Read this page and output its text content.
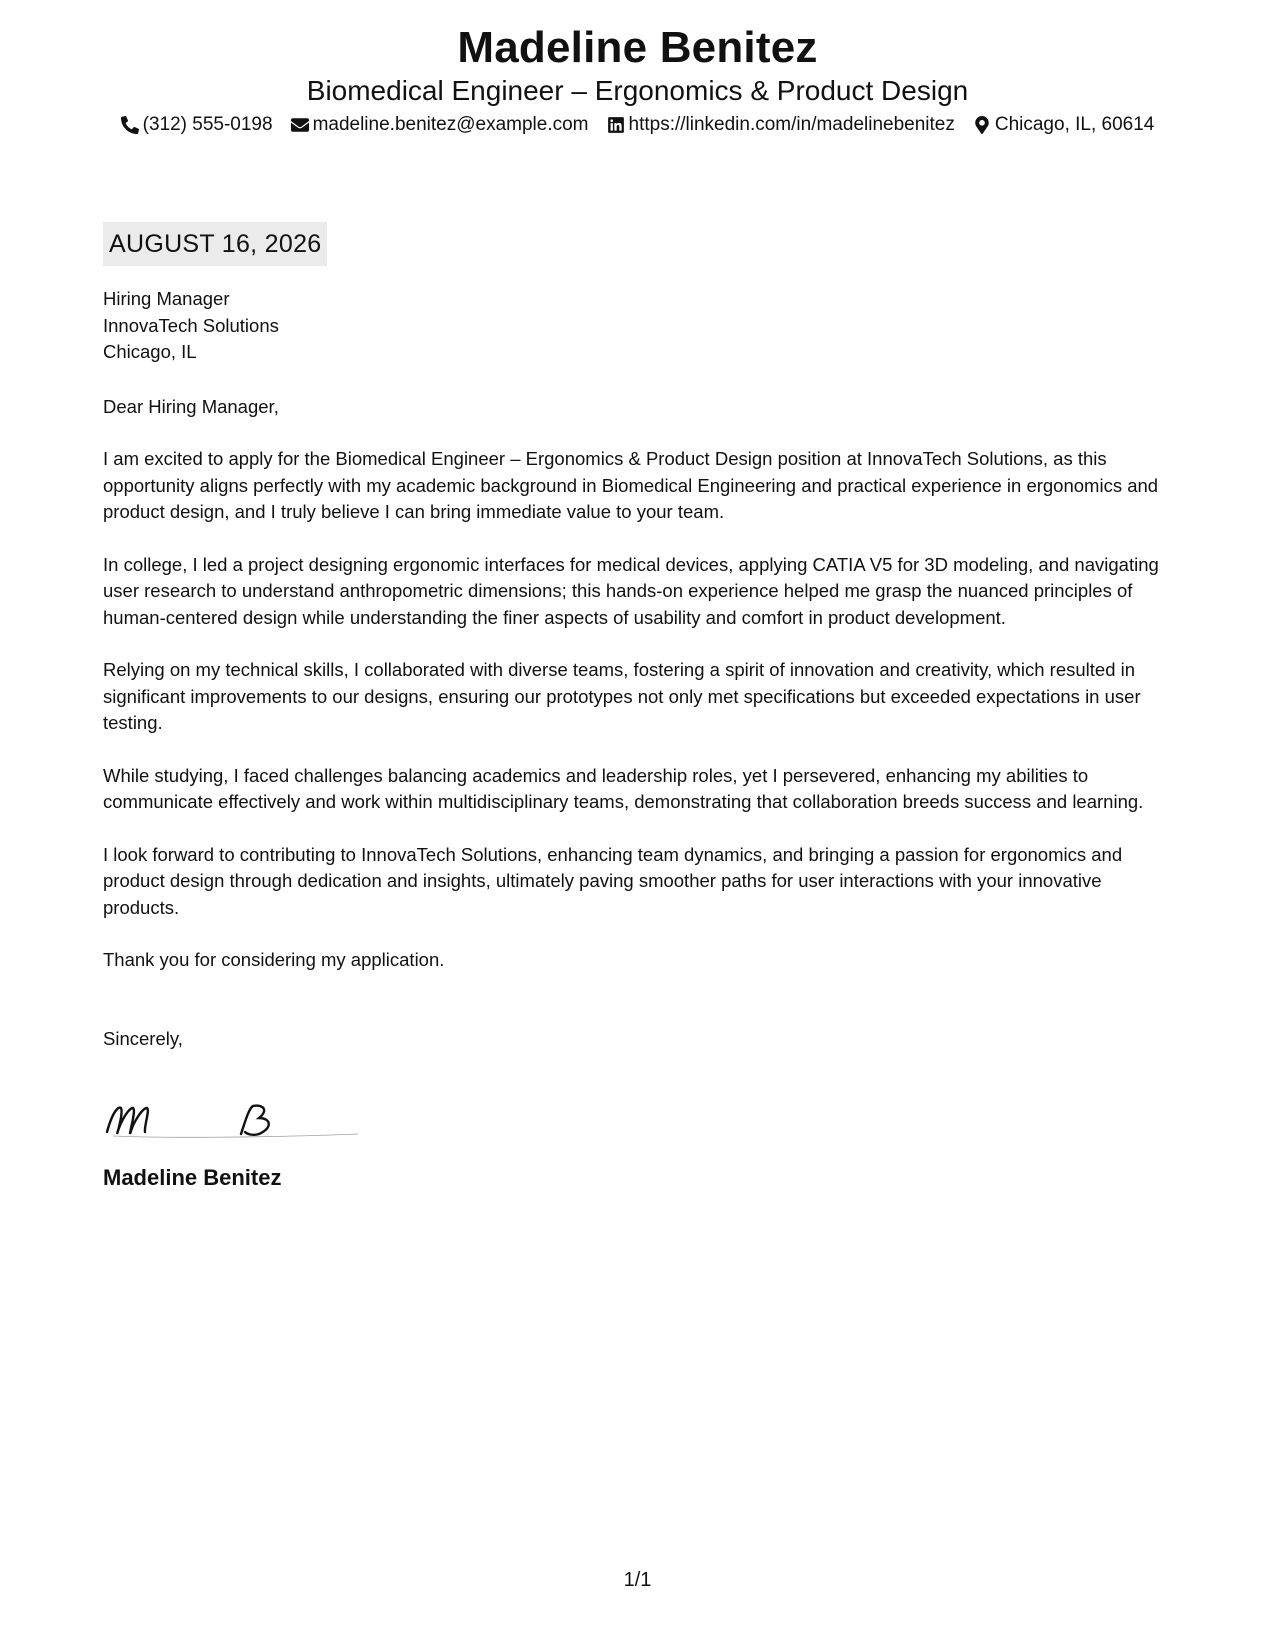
Madeline Benitez
Biomedical Engineer – Ergonomics & Product Design
(312) 555-0198 madeline.benitez@example.com https://linkedin.com/in/madelinebenitez Chicago, IL, 60614
AUGUST 16, 2026
Hiring Manager
InnovaTech Solutions
Chicago, IL
Dear Hiring Manager,
I am excited to apply for the Biomedical Engineer – Ergonomics & Product Design position at InnovaTech Solutions, as this opportunity aligns perfectly with my academic background in Biomedical Engineering and practical experience in ergonomics and product design, and I truly believe I can bring immediate value to your team.
In college, I led a project designing ergonomic interfaces for medical devices, applying CATIA V5 for 3D modeling, and navigating user research to understand anthropometric dimensions; this hands-on experience helped me grasp the nuanced principles of human-centered design while understanding the finer aspects of usability and comfort in product development.
Relying on my technical skills, I collaborated with diverse teams, fostering a spirit of innovation and creativity, which resulted in significant improvements to our designs, ensuring our prototypes not only met specifications but exceeded expectations in user testing.
While studying, I faced challenges balancing academics and leadership roles, yet I persevered, enhancing my abilities to communicate effectively and work within multidisciplinary teams, demonstrating that collaboration breeds success and learning.
I look forward to contributing to InnovaTech Solutions, enhancing team dynamics, and bringing a passion for ergonomics and product design through dedication and insights, ultimately paving smoother paths for user interactions with your innovative products.
Thank you for considering my application.
Sincerely,
Madeline Benitez
1/1
